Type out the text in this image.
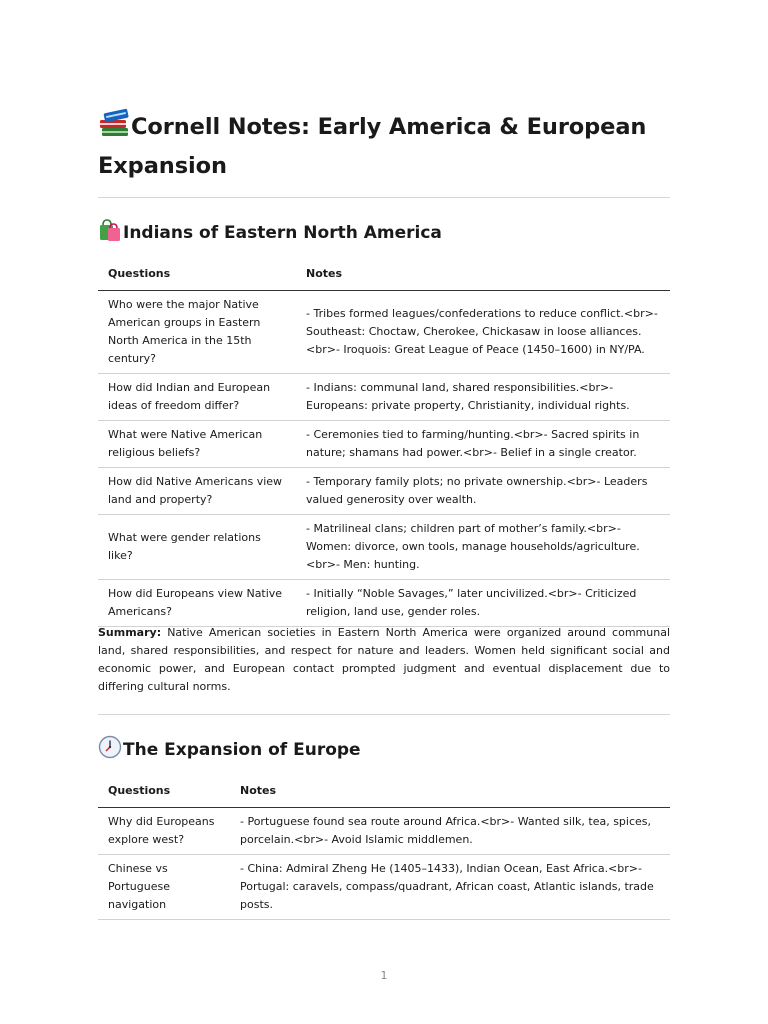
Cornell Notes: Early America & European Expansion
Indians of Eastern North America
Questions	Notes
Who were the major Native American groups in Eastern North America in the 15th century?	- Tribes formed leagues/confederations to reduce conflict.<br>- Southeast: Choctaw, Cherokee, Chickasaw in loose alliances.<br>- Iroquois: Great League of Peace (1450–1600) in NY/PA.
How did Indian and European ideas of freedom differ?	- Indians: communal land, shared responsibilities.<br>- Europeans: private property, Christianity, individual rights.
What were Native American religious beliefs?	- Ceremonies tied to farming/hunting.<br>- Sacred spirits in nature; shamans had power.<br>- Belief in a single creator.
How did Native Americans view land and property?	- Temporary family plots; no private ownership.<br>- Leaders valued generosity over wealth.
What were gender relations like?	- Matrilineal clans; children part of mother’s family.<br>- Women: divorce, own tools, manage households/agriculture.<br>- Men: hunting.
How did Europeans view Native Americans?	- Initially “Noble Savages,” later uncivilized.<br>- Criticized religion, land use, gender roles.

Summary: Native American societies in Eastern North America were organized around communal land, shared responsibilities, and respect for nature and leaders. Women held significant social and economic power, and European contact prompted judgment and eventual displacement due to differing cultural norms.

The Expansion of Europe
Questions	Notes
Why did Europeans explore west?	- Portuguese found sea route around Africa.<br>- Wanted silk, tea, spices, porcelain.<br>- Avoid Islamic middlemen.
Chinese vs Portuguese navigation	- China: Admiral Zheng He (1405–1433), Indian Ocean, East Africa.<br>- Portugal: caravels, compass/quadrant, African coast, Atlantic islands, trade posts.
1
